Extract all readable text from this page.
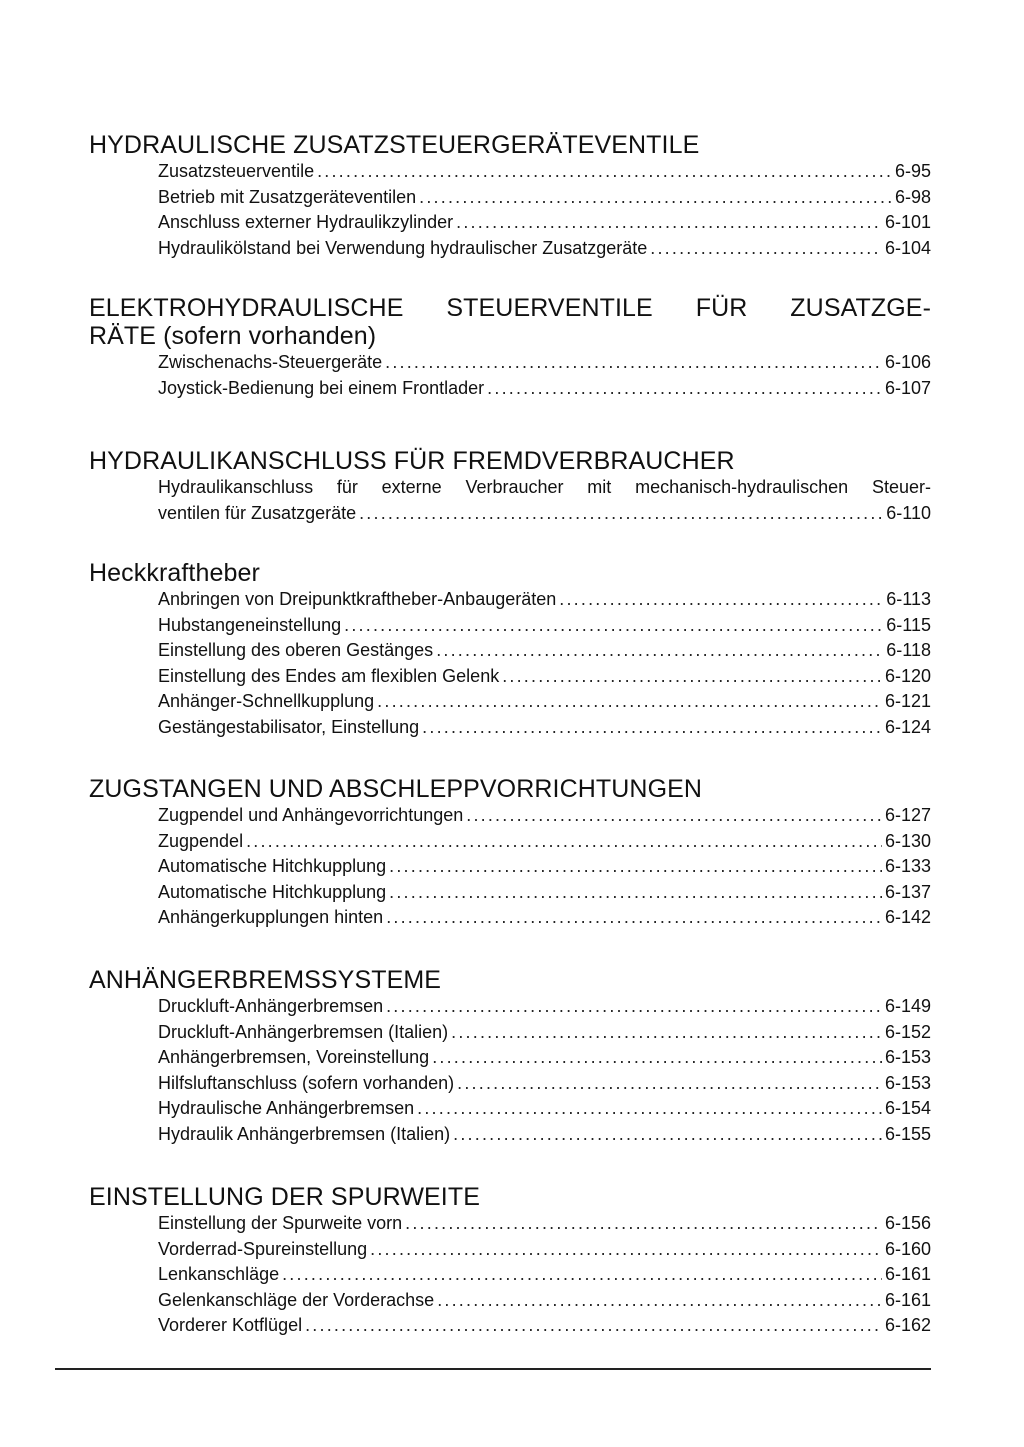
HYDRAULISCHE ZUSATZSTEUERGERÄTEVENTILE
Zusatzsteuerventile .....	6-95
Betrieb mit Zusatzgeräteventilen .....	6-98
Anschluss externer Hydraulikzylinder .....	6-101
Hydraulikölstand bei Verwendung hydraulischer Zusatzgeräte .....	6-104
ELEKTROHYDRAULISCHE STEUERVENTILE FÜR ZUSATZGE-
RÄTE (sofern vorhanden)
Zwischenachs-Steuergeräte .....	6-106
Joystick-Bedienung bei einem Frontlader .....	6-107
HYDRAULIKANSCHLUSS FÜR FREMDVERBRAUCHER
Hydraulikanschluss für externe Verbraucher mit mechanisch-hydraulischen Steuer-
ventilen für Zusatzgeräte .....	6-110
Heckkraftheber
Anbringen von Dreipunktkraftheber-Anbaugeräten .....	6-113
Hubstangeneinstellung .....	6-115
Einstellung des oberen Gestänges .....	6-118
Einstellung des Endes am flexiblen Gelenk .....	6-120
Anhänger-Schnellkupplung .....	6-121
Gestängestabilisator, Einstellung .....	6-124
ZUGSTANGEN UND ABSCHLEPPVORRICHTUNGEN
Zugpendel und Anhängevorrichtungen .....	6-127
Zugpendel .....	6-130
Automatische Hitchkupplung .....	6-133
Automatische Hitchkupplung .....	6-137
Anhängerkupplungen hinten .....	6-142
ANHÄNGERBREMSSYSTEME
Druckluft-Anhängerbremsen .....	6-149
Druckluft-Anhängerbremsen (Italien) .....	6-152
Anhängerbremsen, Voreinstellung .....	6-153
Hilfsluftanschluss (sofern vorhanden) .....	6-153
Hydraulische Anhängerbremsen .....	6-154
Hydraulik Anhängerbremsen (Italien) .....	6-155
EINSTELLUNG DER SPURWEITE
Einstellung der Spurweite vorn .....	6-156
Vorderrad-Spureinstellung .....	6-160
Lenkanschläge .....	6-161
Gelenkanschläge der Vorderachse .....	6-161
Vorderer Kotflügel .....	6-162
